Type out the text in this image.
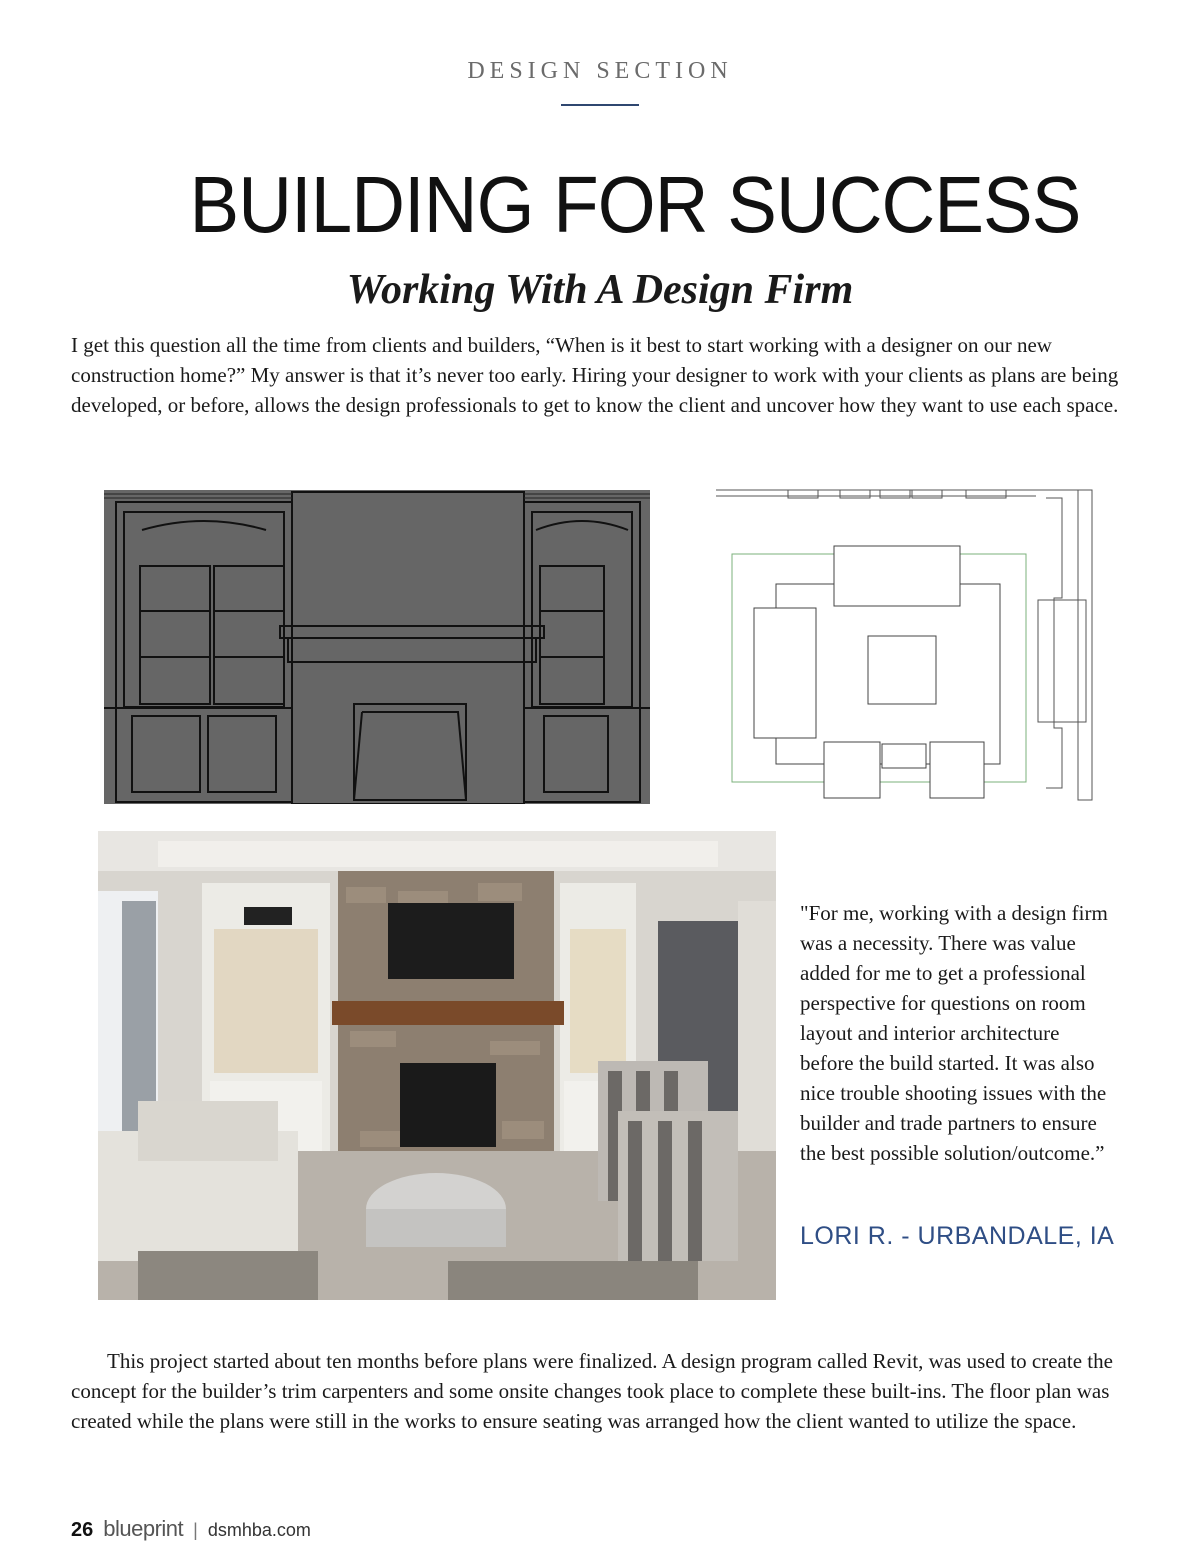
DESIGN SECTION
BUILDING FOR SUCCESS
Working With A Design Firm

I get this question all the time from clients and builders, “When is it best to start working with a designer on our new construction home?” My answer is that it’s never too early. Hiring your designer to work with your clients as plans are being developed, or before, allows the design professionals to get to know the client and uncover how they want to use each space.

"For me, working with a design firm was a necessity. There was value added for me to get a professional perspective for questions on room layout and interior architecture before the build started. It was also nice trouble shooting issues with the builder and trade partners to ensure the best possible solution/outcome.”

LORI R. - URBANDALE, IA

This project started about ten months before plans were finalized. A design program called Revit, was used to create the concept for the builder’s trim carpenters and some onsite changes took place to complete these built-ins. The floor plan was created while the plans were still in the works to ensure seating was arranged how the client wanted to utilize the space.

26 blueprint | dsmhba.com
